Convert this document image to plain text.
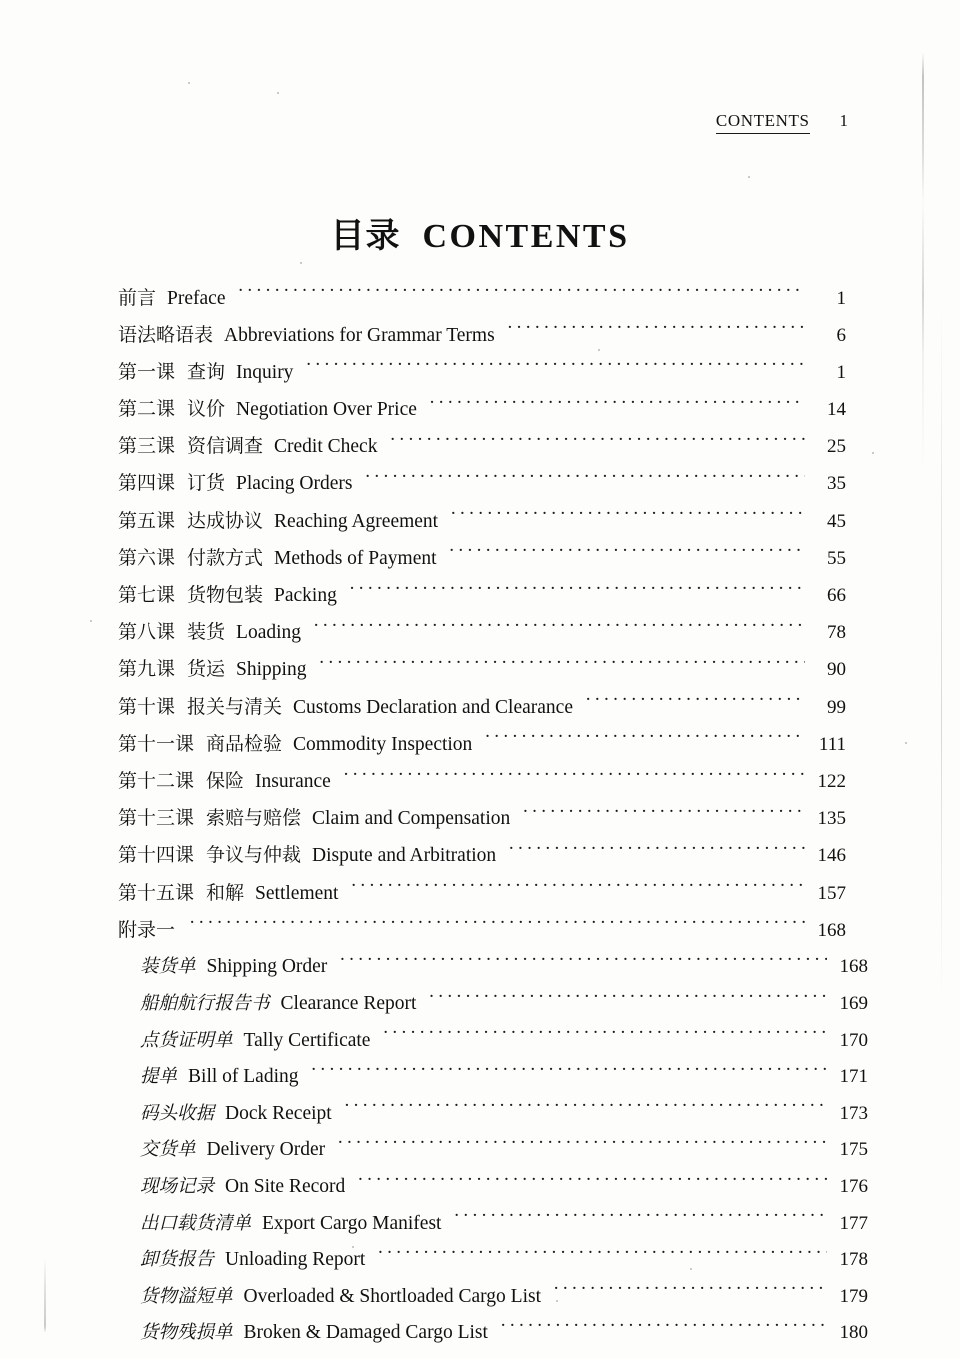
CONTENTS 1
目录 CONTENTS
前言 Preface ·····	1
语法略语表 Abbreviations for Grammar Terms ·····	6
第一课 查询 Inquiry ·····	1
第二课 议价 Negotiation Over Price ·····	14
第三课 资信调查 Credit Check ·····	25
第四课 订货 Placing Orders ·····	35
第五课 达成协议 Reaching Agreement ·····	45
第六课 付款方式 Methods of Payment ·····	55
第七课 货物包装 Packing ·····	66
第八课 装货 Loading ·····	78
第九课 货运 Shipping ·····	90
第十课 报关与清关 Customs Declaration and Clearance ·····	99
第十一课 商品检验 Commodity Inspection ·····	111
第十二课 保险 Insurance ·····	122
第十三课 索赔与赔偿 Claim and Compensation ·····	135
第十四课 争议与仲裁 Dispute and Arbitration ·····	146
第十五课 和解 Settlement ·····	157
附录一 ·····	168
装货单 Shipping Order ·····	168
船舶航行报告书 Clearance Report ·····	169
点货证明单 Tally Certificate ·····	170
提单 Bill of Lading ·····	171
码头收据 Dock Receipt ·····	173
交货单 Delivery Order ·····	175
现场记录 On Site Record ·····	176
出口载货清单 Export Cargo Manifest ·····	177
卸货报告 Unloading Report ·····	178
货物溢短单 Overloaded & Shortloaded Cargo List ·····	179
货物残损单 Broken & Damaged Cargo List ·····	180
